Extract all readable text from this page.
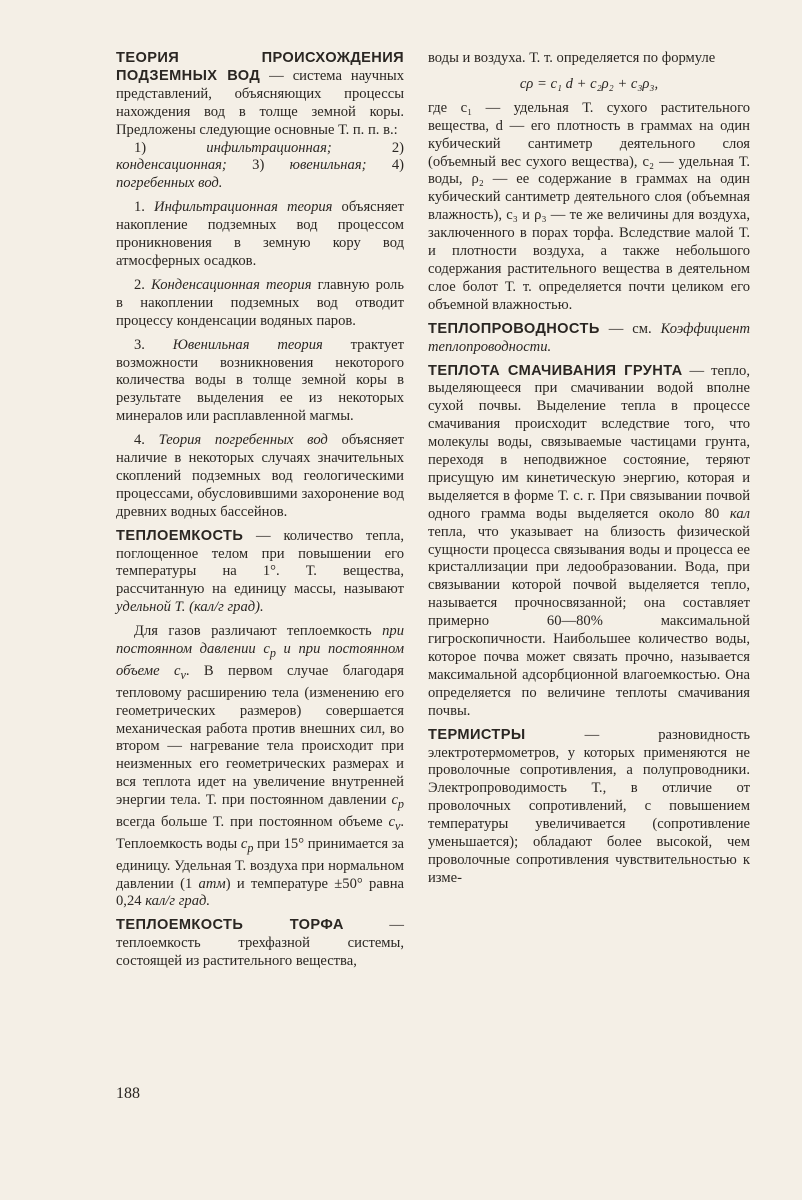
ТЕОРИЯ ПРОИСХОЖДЕНИЯ ПОДЗЕМНЫХ ВОД — система научных представлений, объясняющих процессы нахождения вод в толще земной коры. Предложены следующие основные Т. п. п. в.:

1) инфильтрационная; 2) конденсационная; 3) ювенильная; 4) погребенных вод.

1. Инфильтрационная теория объясняет накопление подземных вод процессом проникновения в земную кору вод атмосферных осадков.

2. Конденсационная теория главную роль в накоплении подземных вод отводит процессу конденсации водяных паров.

3. Ювенильная теория трактует возможности возникновения некоторого количества воды в толще земной коры в результате выделения ее из некоторых минералов или расплавленной магмы.

4. Теория погребенных вод объясняет наличие в некоторых случаях значительных скоплений подземных вод геологическими процессами, обусловившими захоронение вод древних водных бассейнов.

ТЕПЛОЕМКОСТЬ — количество тепла, поглощенное телом при повышении его температуры на 1°. Т. вещества, рассчитанную на единицу массы, называют удельной Т. (кал/г град).

Для газов различают теплоемкость при постоянном давлении $c_p$ и при постоянном объеме $c_v$. В первом случае благодаря тепловому расширению тела (изменению его геометрических размеров) совершается механическая работа против внешних сил, во втором — нагревание тела происходит при неизменных его геометрических размерах и вся теплота идет на увеличение внутренней энергии тела. Т. при постоянном давлении $c_p$ всегда больше Т. при постоянном объеме $c_v$. Теплоемкость воды $c_p$ при 15° принимается за единицу. Удельная Т. воздуха при нормальном давлении (1 атм) и температуре ±50° равна 0,24 кал/г град.

ТЕПЛОЕМКОСТЬ ТОРФА — теплоемкость трехфазной системы, состоящей из растительного вещества,

воды и воздуха. Т. т. определяется по формуле

cρ = c₁ d + c₂ρ₂ + c₃ρ₃,

где c₁ — удельная Т. сухого растительного вещества, d — его плотность в граммах на один кубический сантиметр деятельного слоя (объемный вес сухого вещества), c₂ — удельная Т. воды, ρ₂ — ее содержание в граммах на один кубический сантиметр деятельного слоя (объемная влажность), c₃ и ρ₃ — те же величины для воздуха, заключенного в порах торфа. Вследствие малой Т. и плотности воздуха, а также небольшого содержания растительного вещества в деятельном слое болот Т. т. определяется почти целиком его объемной влажностью.

ТЕПЛОПРОВОДНОСТЬ — см. Коэффициент теплопроводности.

ТЕПЛОТА СМАЧИВАНИЯ ГРУНТА — тепло, выделяющееся при смачивании водой вполне сухой почвы. Выделение тепла в процессе смачивания происходит вследствие того, что молекулы воды, связываемые частицами грунта, переходя в неподвижное состояние, теряют присущую им кинетическую энергию, которая и выделяется в форме Т. с. г. При связывании почвой одного грамма воды выделяется около 80 кал тепла, что указывает на близость физической сущности процесса связывания воды и процесса ее кристаллизации при ледообразовании. Вода, при связывании которой почвой выделяется тепло, называется прочносвязанной; она составляет примерно 60—80% максимальной гигроскопичности. Наибольшее количество воды, которое почва может связать прочно, называется максимальной адсорбционной влагоемкостью. Она определяется по величине теплоты смачивания почвы.

ТЕРМИСТРЫ — разновидность электротермометров, у которых применяются не проволочные сопротивления, а полупроводники. Электропроводимость Т., в отличие от проволочных сопротивлений, с повышением температуры увеличивается (сопротивление уменьшается); обладают более высокой, чем проволочные сопротивления чувствительностью к изме-

188
